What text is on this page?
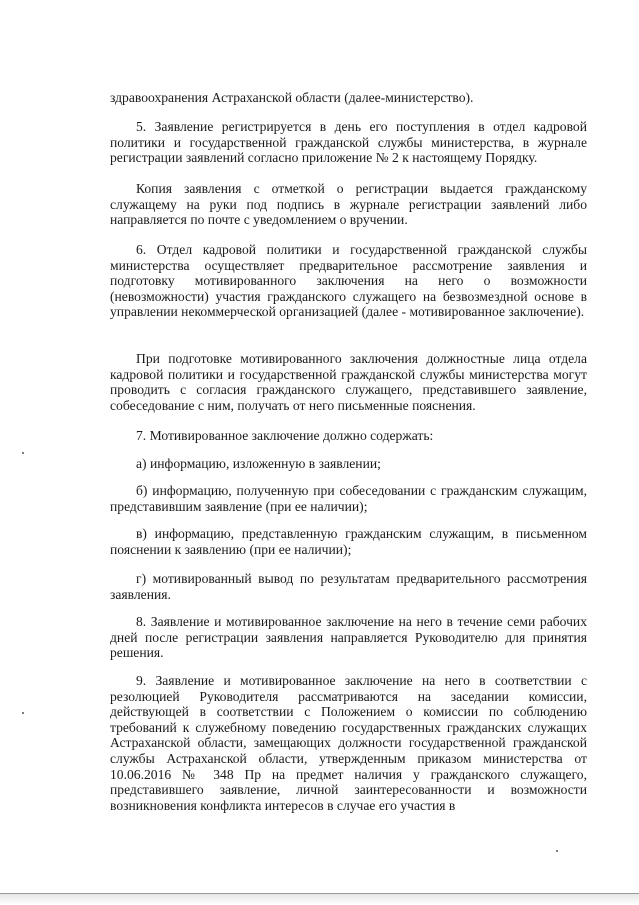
здравоохранения Астраханской области (далее-министерство).

5. Заявление регистрируется в день его поступления в отдел кадровой политики и государственной гражданской службы министерства, в журнале регистрации заявлений согласно приложение № 2 к настоящему Порядку.

Копия заявления с отметкой о регистрации выдается гражданскому служащему на руки под подпись в журнале регистрации заявлений либо направляется по почте с уведомлением о вручении.

6. Отдел кадровой политики и государственной гражданской службы министерства осуществляет предварительное рассмотрение заявления и подготовку мотивированного заключения на него о возможности (невозможности) участия гражданского служащего на безвозмездной основе в управлении некоммерческой организацией (далее - мотивированное заключение).

При подготовке мотивированного заключения должностные лица отдела кадровой политики и государственной гражданской службы министерства могут проводить с согласия гражданского служащего, представившего заявление, собеседование с ним, получать от него письменные пояснения.

7. Мотивированное заключение должно содержать:

а) информацию, изложенную в заявлении;

б) информацию, полученную при собеседовании с гражданским служащим, представившим заявление (при ее наличии);

в) информацию, представленную гражданским служащим, в письменном пояснении к заявлению (при ее наличии);

г) мотивированный вывод по результатам предварительного рассмотрения заявления.

8. Заявление и мотивированное заключение на него в течение семи рабочих дней после регистрации заявления направляется Руководителю для принятия решения.

9. Заявление и мотивированное заключение на него в соответствии с резолюцией Руководителя рассматриваются на заседании комиссии, действующей в соответствии с Положением о комиссии по соблюдению требований к служебному поведению государственных гражданских служащих Астраханской области, замещающих должности государственной гражданской службы Астраханской области, утвержденным приказом министерства от 10.06.2016 № 348 Пр на предмет наличия у гражданского служащего, представившего заявление, личной заинтересованности и возможности возникновения конфликта интересов в случае его участия в
